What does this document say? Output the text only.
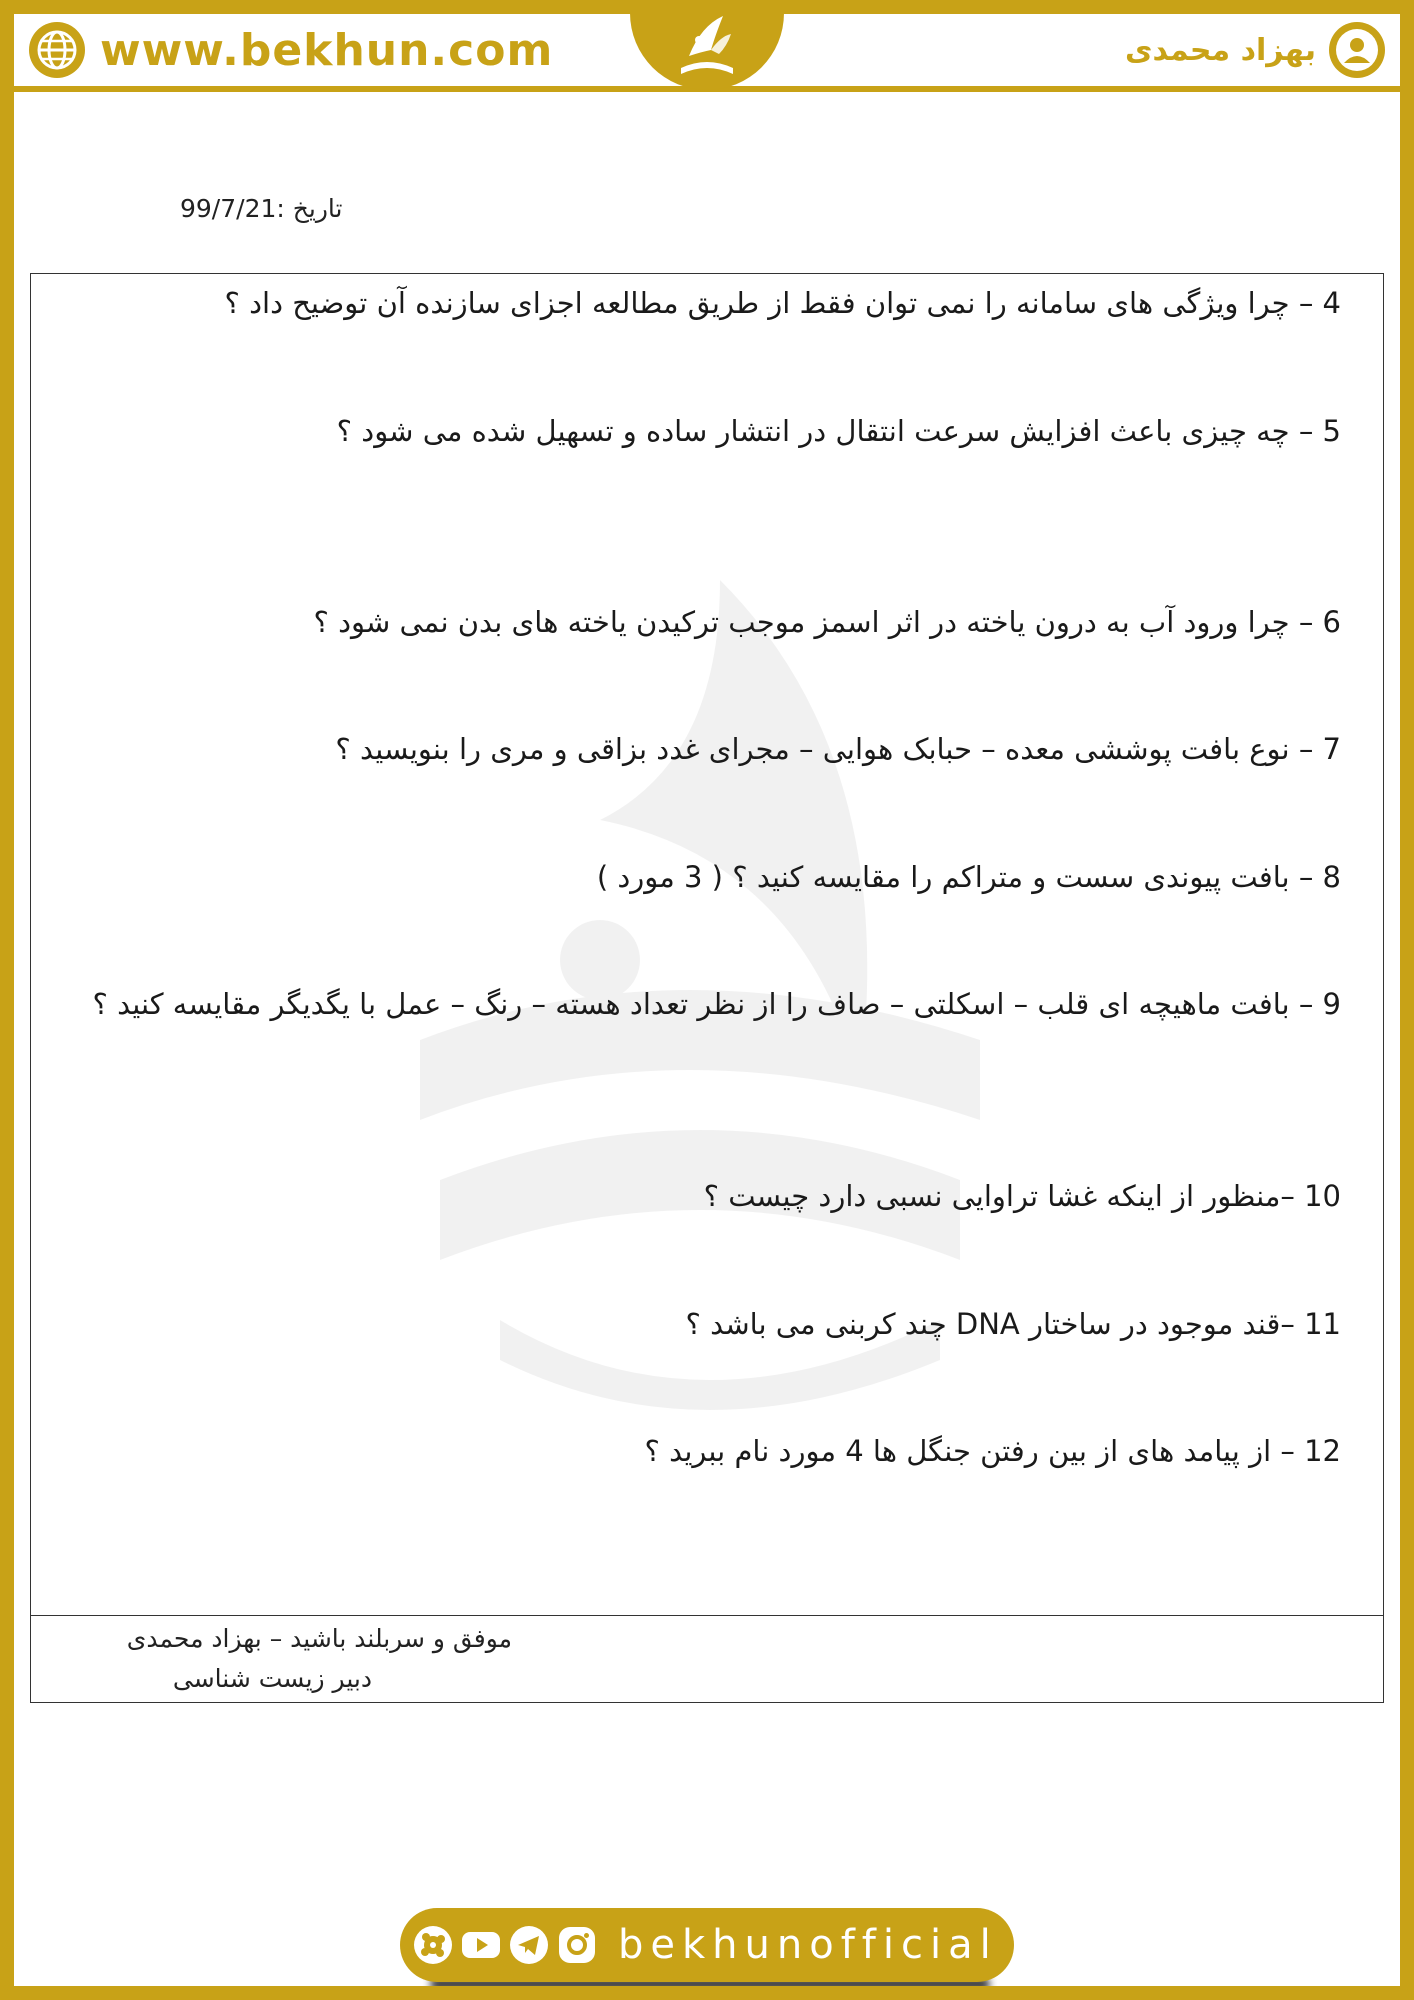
www.bekhun.com	بهزاد محمدی
تاریخ :99/7/21
4 – چرا ویژگی های سامانه را نمی توان فقط از طریق مطالعه اجزای سازنده آن توضیح داد ؟
5 – چه چیزی باعث افزایش سرعت انتقال در انتشار ساده و تسهیل شده می شود ؟
6 – چرا ورود آب به درون یاخته در اثر اسمز موجب ترکیدن یاخته های بدن نمی شود ؟
7 – نوع بافت پوششی معده – حبابک هوایی – مجرای غدد بزاقی و مری را بنویسید ؟
8 – بافت پیوندی سست و متراکم را مقایسه کنید ؟ ( 3 مورد )
9 – بافت ماهیچه ای قلب – اسکلتی – صاف را از نظر تعداد هسته – رنگ – عمل با یگدیگر مقایسه کنید ؟
10 –منظور از اینکه غشا تراوایی نسبی دارد چیست ؟
11 –قند موجود در ساختار DNA چند کربنی می باشد ؟
12 – از پیامد های از بین رفتن جنگل ها 4 مورد نام ببرید ؟
موفق و سربلند باشید – بهزاد محمدی
دبیر زیست شناسی
bekhunofficial
